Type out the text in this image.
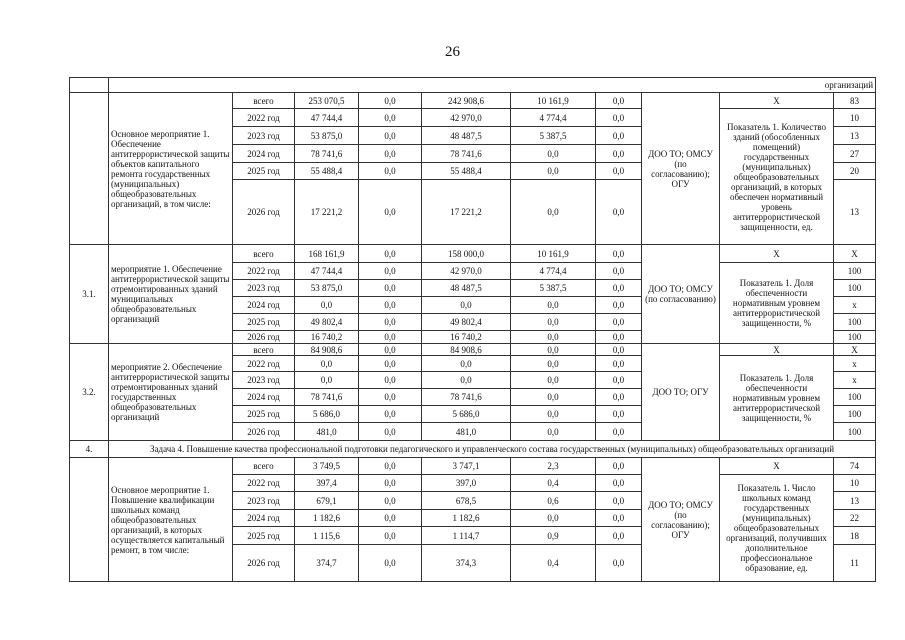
26
	организаций									
	Основное мероприятие 1. Обеспечение антитеррористической защиты объектов капитального ремонта государственных (муниципальных) общеобразовательных организаций, в том числе:	всего	253 070,5	0,0	242 908,6	10 161,9	0,0	ДОО ТО; ОМСУ (по согласованию); ОГУ	Х	83
		2022 год	47 744,4	0,0	42 970,0	4 774,4	0,0		Показатель 1. Количество зданий (обособленных помещений) государственных (муниципальных) общеобразовательных организаций, в которых обеспечен нормативный уровень антитеррористической защищенности, ед.	10
		2023 год	53 875,0	0,0	48 487,5	5 387,5	0,0			13
		2024 год	78 741,6	0,0	78 741,6	0,0	0,0			27
		2025 год	55 488,4	0,0	55 488,4	0,0	0,0			20
		2026 год	17 221,2	0,0	17 221,2	0,0	0,0			13
3.1.	мероприятие 1. Обеспечение антитеррористической защиты отремонтированных зданий муниципальных общеобразовательных организаций	всего	168 161,9	0,0	158 000,0	10 161,9	0,0	ДОО ТО; ОМСУ (по согласованию)	Х	Х
		2022 год	47 744,4	0,0	42 970,0	4 774,4	0,0		Показатель 1. Доля обеспеченности нормативным уровнем антитеррористической защищенности, %	100
		2023 год	53 875,0	0,0	48 487,5	5 387,5	0,0			100
		2024 год	0,0	0,0	0,0	0,0	0,0			х
		2025 год	49 802,4	0,0	49 802,4	0,0	0,0			100
		2026 год	16 740,2	0,0	16 740,2	0,0	0,0			100
3.2.	мероприятие 2. Обеспечение антитеррористической защиты отремонтированных зданий государственных общеобразовательных организаций	всего	84 908,6	0,0	84 908,6	0,0	0,0	ДОО ТО; ОГУ	Х	Х
		2022 год	0,0	0,0	0,0	0,0	0,0		Показатель 1. Доля обеспеченности нормативным уровнем антитеррористической защищенности, %	х
		2023 год	0,0	0,0	0,0	0,0	0,0			х
		2024 год	78 741,6	0,0	78 741,6	0,0	0,0			100
		2025 год	5 686,0	0,0	5 686,0	0,0	0,0			100
		2026 год	481,0	0,0	481,0	0,0	0,0			100
4.	Задача 4. Повышение качества профессиональной подготовки педагогического и управленческого состава государственных (муниципальных) общеобразовательных организаций									
	Основное мероприятие 1. Повышение квалификации школьных команд общеобразовательных организаций, в которых осуществляется капитальный ремонт, в том числе:	всего	3 749,5	0,0	3 747,1	2,3	0,0	ДОО ТО; ОМСУ (по согласованию); ОГУ	Х	74
		2022 год	397,4	0,0	397,0	0,4	0,0		Показатель 1. Число школьных команд государственных (муниципальных) общеобразовательных организаций, получивших дополнительное профессиональное образование, ед.	10
		2023 год	679,1	0,0	678,5	0,6	0,0			13
		2024 год	1 182,6	0,0	1 182,6	0,0	0,0			22
		2025 год	1 115,6	0,0	1 114,7	0,9	0,0			18
		2026 год	374,7	0,0	374,3	0,4	0,0			11
